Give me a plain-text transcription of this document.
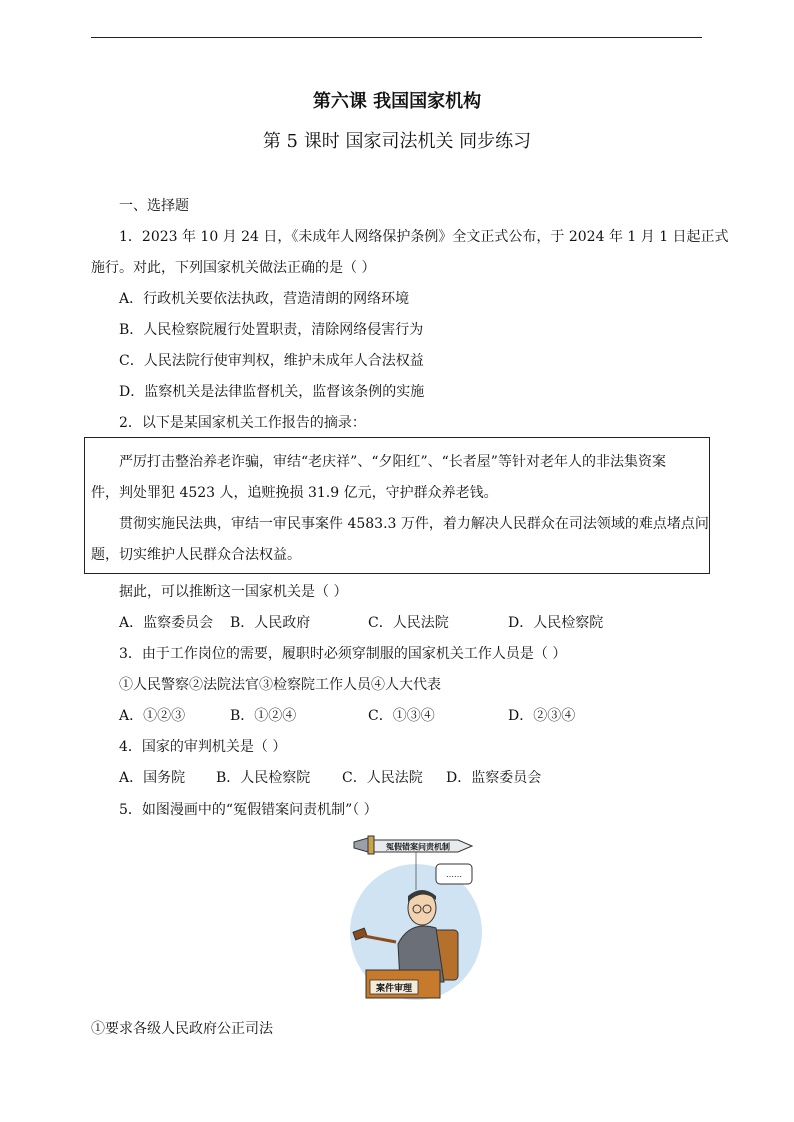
第六课 我国国家机构
第 5 课时 国家司法机关 同步练习
一、选择题
1．2023 年 10 月 24 日，《未成年人网络保护条例》全文正式公布，于 2024 年 1 月 1 日起正式
施行。对此，下列国家机关做法正确的是（ ）
A．行政机关要依法执政，营造清朗的网络环境
B．人民检察院履行处置职责，清除网络侵害行为
C．人民法院行使审判权，维护未成年人合法权益
D．监察机关是法律监督机关，监督该条例的实施
2．以下是某国家机关工作报告的摘录：
严厉打击整治养老诈骗，审结“老庆祥”、“夕阳红”、“长者屋”等针对老年人的非法集资案
件，判处罪犯 4523 人，追赃挽损 31.9 亿元，守护群众养老钱。
贯彻实施民法典，审结一审民事案件 4583.3 万件，着力解决人民群众在司法领域的难点堵点问
题，切实维护人民群众合法权益。
据此，可以推断这一国家机关是（ ）
A．监察委员会 B．人民政府	C．人民法院	D．人民检察院
3．由于工作岗位的需要，履职时必须穿制服的国家机关工作人员是（ ）
①人民警察②法院法官③检察院工作人员④人大代表
A．①②③	B．①②④	C．①③④	D．②③④
4．国家的审判机关是（ ）
A．国务院 B．人民检察院 C．人民法院 D．监察委员会
5．如图漫画中的“冤假错案问责机制”（ ）
冤假错案问责机制
……
案件审理
①要求各级人民政府公正司法
